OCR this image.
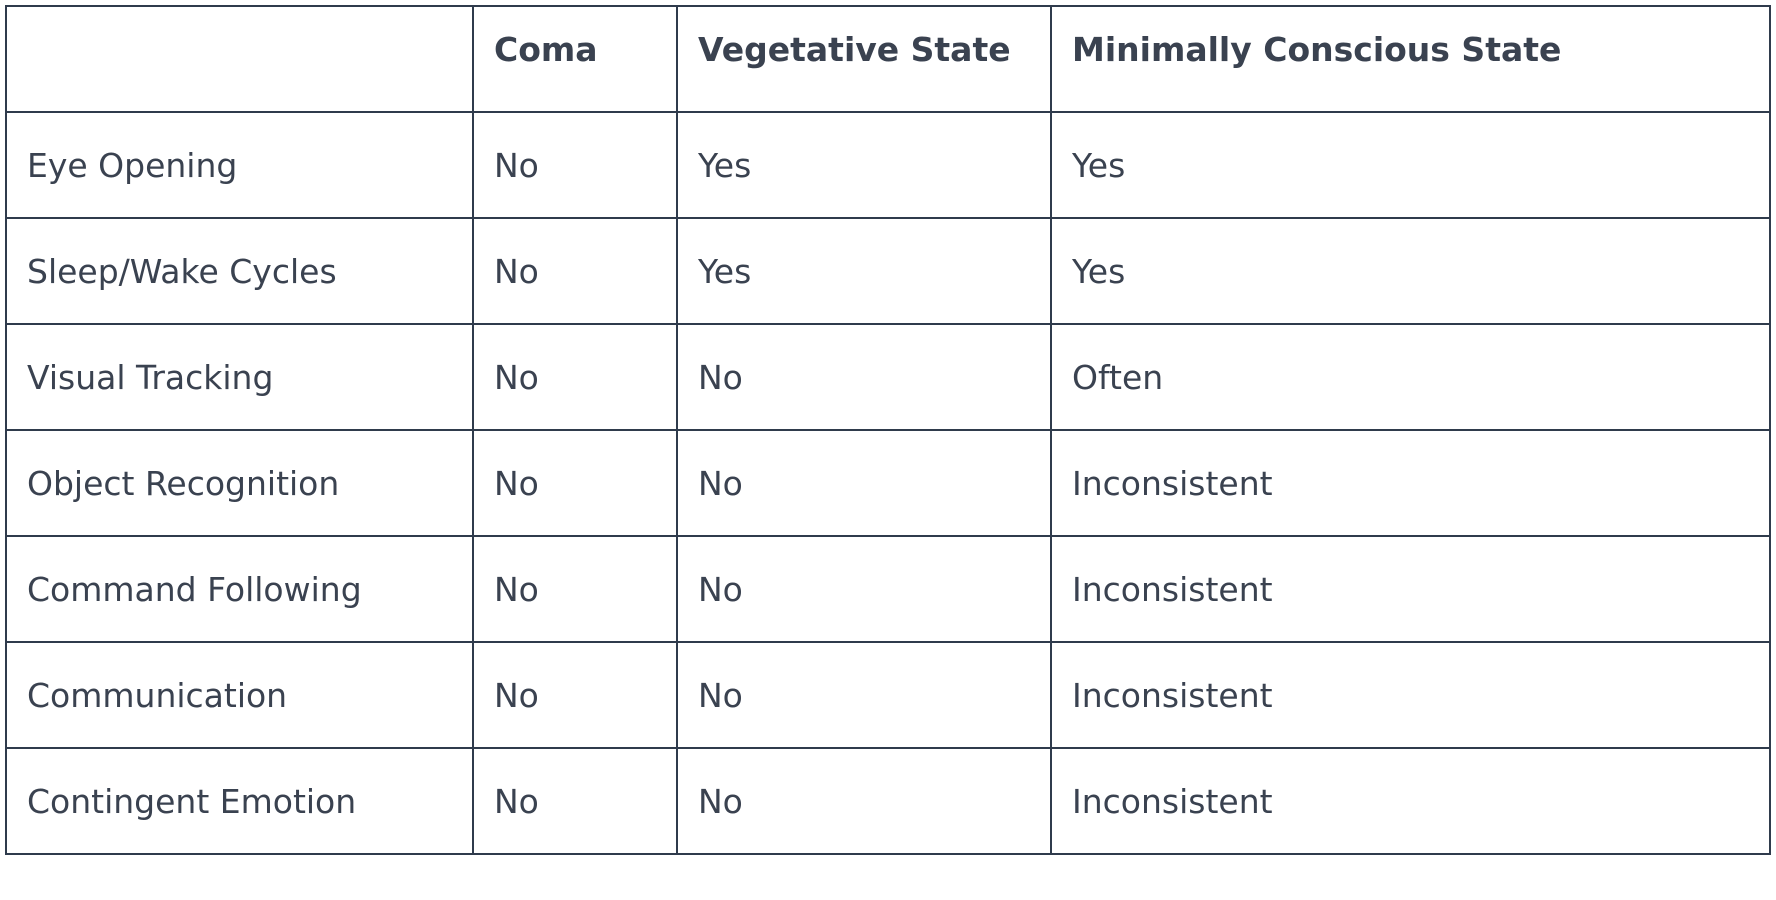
	Coma	Vegetative State	Minimally Conscious State
Eye Opening	No	Yes	Yes
Sleep/Wake Cycles	No	Yes	Yes
Visual Tracking	No	No	Often
Object Recognition	No	No	Inconsistent
Command Following	No	No	Inconsistent
Communication	No	No	Inconsistent
Contingent Emotion	No	No	Inconsistent
